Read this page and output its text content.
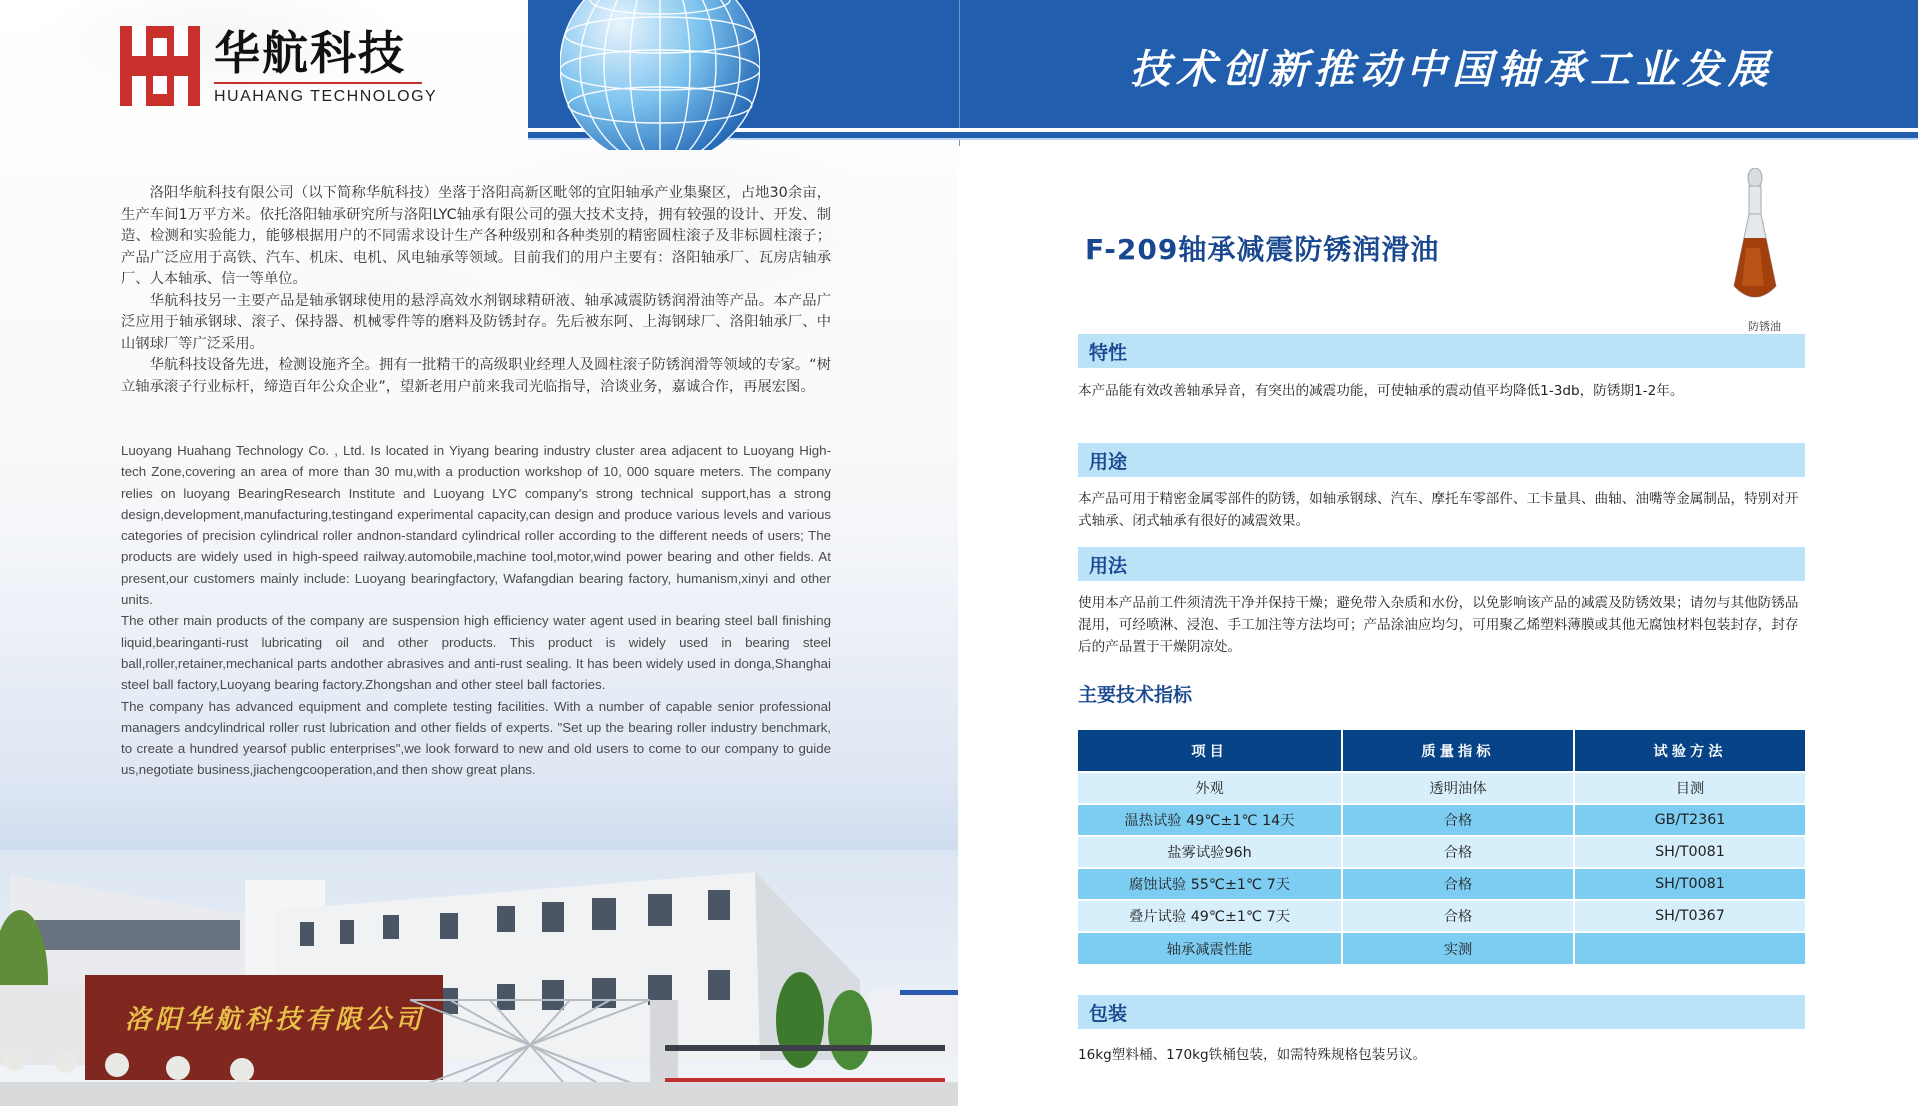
华航科技
HUAHANG TECHNOLOGY

洛阳华航科技有限公司（以下简称华航科技）坐落于洛阳高新区毗邻的宜阳轴承产业集聚区，占地30余亩，生产车间1万平方米。依托洛阳轴承研究所与洛阳LYC轴承有限公司的强大技术支持，拥有较强的设计、开发、制造、检测和实验能力，能够根据用户的不同需求设计生产各种级别和各种类别的精密圆柱滚子及非标圆柱滚子；产品广泛应用于高铁、汽车、机床、电机、风电轴承等领域。目前我们的用户主要有：洛阳轴承厂、瓦房店轴承厂、人本轴承、信一等单位。

华航科技另一主要产品是轴承钢球使用的悬浮高效水剂钢球精研液、轴承减震防锈润滑油等产品。本产品广泛应用于轴承钢球、滚子、保持器、机械零件等的磨料及防锈封存。先后被东阿、上海钢球厂、洛阳轴承厂、中山钢球厂等广泛采用。

华航科技设备先进，检测设施齐全。拥有一批精干的高级职业经理人及圆柱滚子防锈润滑等领域的专家。“树立轴承滚子行业标杆，缔造百年公众企业”，望新老用户前来我司光临指导，洽谈业务，嘉诚合作，再展宏图。

Luoyang Huahang Technology Co. , Ltd. Is located in Yiyang bearing industry cluster area adjacent to Luoyang High-tech Zone,covering an area of more than 30 mu,with a production workshop of 10, 000 square meters. The company relies on luoyang BearingResearch Institute and Luoyang LYC company's strong technical support,has a strong design,development,manufacturing,testingand experimental capacity,can design and produce various levels and various categories of precision cylindrical roller andnon-standard cylindrical roller according to the different needs of users; The products are widely used in high-speed railway.automobile,machine tool,motor,wind power bearing and other fields. At present,our customers mainly include: Luoyang bearingfactory, Wafangdian bearing factory, humanism,xinyi and other units.

The other main products of the company are suspension high efficiency water agent used in bearing steel ball finishing liquid,bearinganti-rust lubricating oil and other products. This product is widely used in bearing steel ball,roller,retainer,mechanical parts andother abrasives and anti-rust sealing. It has been widely used in donga,Shanghai steel ball factory,Luoyang bearing factory.Zhongshan and other steel ball factories.

The company has advanced equipment and complete testing facilities. With a number of capable senior professional managers andcylindrical roller rust lubrication and other fields of experts. "Set up the bearing roller industry benchmark, to create a hundred yearsof public enterprises",we look forward to new and old users to come to our company to guide us,negotiate business,jiachengcooperation,and then show great plans.

洛阳华航科技有限公司
技术创新推动中国轴承工业发展
F-209轴承减震防锈润滑油
防锈油
特性
本产品能有效改善轴承异音，有突出的减震功能，可使轴承的震动值平均降低1-3db，防锈期1-2年。
用途
本产品可用于精密金属零部件的防锈，如轴承钢球、汽车、摩托车零部件、工卡量具、曲轴、油嘴等金属制品，特别对开式轴承、闭式轴承有很好的减震效果。
用法
使用本产品前工件须清洗干净并保持干燥；避免带入杂质和水份，以免影响该产品的减震及防锈效果；请勿与其他防锈品混用，可经喷淋、浸泡、手工加注等方法均可；产品涂油应均匀，可用聚乙烯塑料薄膜或其他无腐蚀材料包装封存，封存后的产品置于干燥阴凉处。
主要技术指标
项目	质量指标	试验方法
外观	透明油体	目测
温热试验 49℃±1℃ 14天	合格	GB/T2361
盐雾试验96h	合格	SH/T0081
腐蚀试验 55℃±1℃ 7天	合格	SH/T0081
叠片试验 49℃±1℃ 7天	合格	SH/T0367
轴承减震性能	实测	
包装
16kg塑料桶、170kg铁桶包装，如需特殊规格包装另议。
